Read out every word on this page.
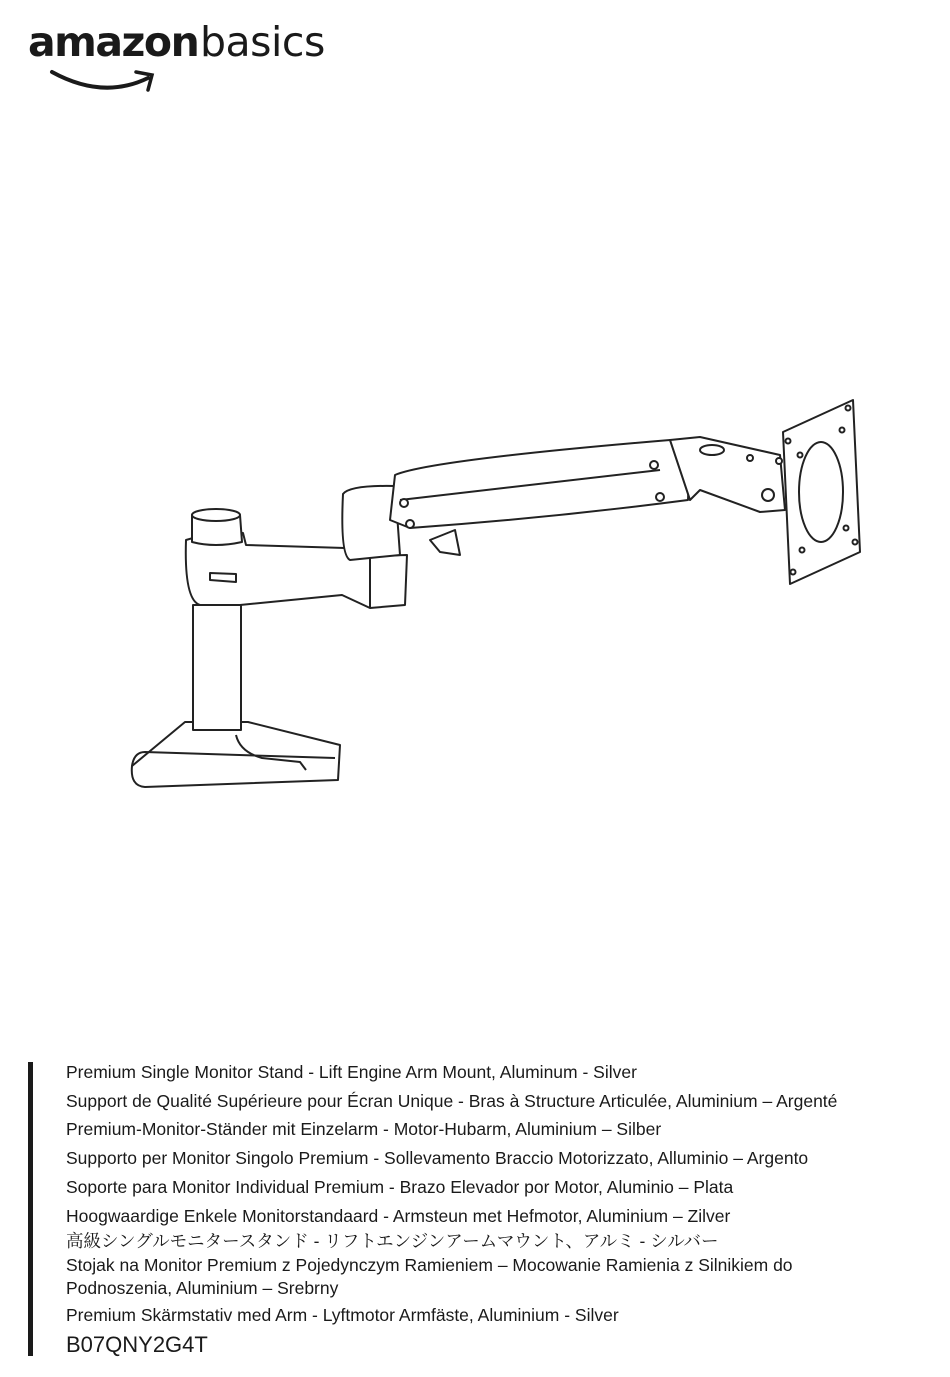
amazon basics
Premium Single Monitor Stand - Lift Engine Arm Mount, Aluminum - Silver
Support de Qualité Supérieure pour Écran Unique - Bras à Structure Articulée, Aluminium – Argenté
Premium-Monitor-Ständer mit Einzelarm - Motor-Hubarm, Aluminium – Silber
Supporto per Monitor Singolo Premium - Sollevamento Braccio Motorizzato, Alluminio – Argento
Soporte para Monitor Individual Premium - Brazo Elevador por Motor, Aluminio – Plata
Hoogwaardige Enkele Monitorstandaard - Armsteun met Hefmotor, Aluminium – Zilver
高級シングルモニタースタンド - リフトエンジンアームマウント、アルミ - シルバー
Stojak na Monitor Premium z Pojedynczym Ramieniem – Mocowanie Ramienia z Silnikiem do
Podnoszenia, Aluminium – Srebrny
Premium Skärmstativ med Arm - Lyftmotor Armfäste, Aluminium - Silver
B07QNY2G4T
